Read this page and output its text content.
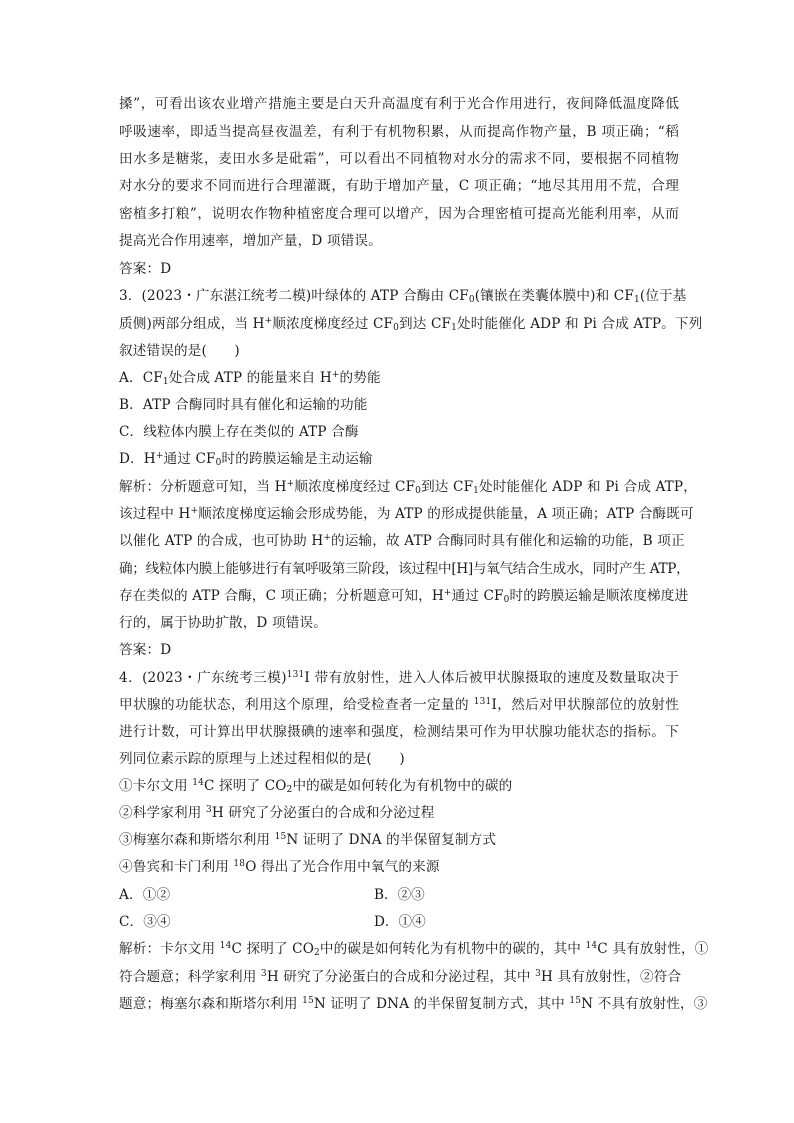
搡”，可看出该农业增产措施主要是白天升高温度有利于光合作用进行，夜间降低温度降低
呼吸速率，即适当提高昼夜温差，有利于有机物积累，从而提高作物产量，B 项正确；“稻
田水多是糖浆，麦田水多是砒霜”，可以看出不同植物对水分的需求不同，要根据不同植物
对水分的要求不同而进行合理灌溉，有助于增加产量，C 项正确；“地尽其用用不荒，合理
密植多打粮”，说明农作物种植密度合理可以增产，因为合理密植可提高光能利用率，从而
提高光合作用速率，增加产量，D 项错误。
答案：D
3．(2023・广东湛江统考二模)叶绿体的 ATP 合酶由 $CF_0$(镶嵌在类囊体膜中)和 $CF_1$(位于基
质侧)两部分组成，当 H+顺浓度梯度经过 $CF_0$到达 $CF_1$处时能催化 ADP 和 Pi 合成 ATP。下列
叙述错误的是(　　)
A．$CF_1$处合成 ATP 的能量来自 H+的势能
B．ATP 合酶同时具有催化和运输的功能
C．线粒体内膜上存在类似的 ATP 合酶
D．H+通过 $CF_0$时的跨膜运输是主动运输
解析：分析题意可知，当 H+顺浓度梯度经过 $CF_0$到达 $CF_1$处时能催化 ADP 和 Pi 合成 ATP，
该过程中 H+顺浓度梯度运输会形成势能，为 ATP 的形成提供能量，A 项正确；ATP 合酶既可
以催化 ATP 的合成，也可协助 H+的运输，故 ATP 合酶同时具有催化和运输的功能，B 项正
确；线粒体内膜上能够进行有氧呼吸第三阶段，该过程中[H]与氧气结合生成水，同时产生 ATP，
存在类似的 ATP 合酶，C 项正确；分析题意可知，H+通过 $CF_0$时的跨膜运输是顺浓度梯度进
行的，属于协助扩散，D 项错误。
答案：D
4．(2023・广东统考三模)$^{131}$I 带有放射性，进入人体后被甲状腺摄取的速度及数量取决于
甲状腺的功能状态，利用这个原理，给受检查者一定量的 $^{131}$I，然后对甲状腺部位的放射性
进行计数，可计算出甲状腺摄碘的速率和强度，检测结果可作为甲状腺功能状态的指标。下
列同位素示踪的原理与上述过程相似的是(　　)
①卡尔文用 $^{14}$C 探明了 $CO_2$中的碳是如何转化为有机物中的碳的
②科学家利用 $^3$H 研究了分泌蛋白的合成和分泌过程
③梅塞尔森和斯塔尔利用 $^{15}$N 证明了 DNA 的半保留复制方式
④鲁宾和卡门利用 $^{18}$O 得出了光合作用中氧气的来源
A．①②	B．②③
C．③④	D．①④
解析：卡尔文用 $^{14}$C 探明了 $CO_2$中的碳是如何转化为有机物中的碳的，其中 $^{14}$C 具有放射性，①
符合题意；科学家利用 $^3$H 研究了分泌蛋白的合成和分泌过程，其中 $^3$H 具有放射性，②符合
题意；梅塞尔森和斯塔尔利用 $^{15}$N 证明了 DNA 的半保留复制方式，其中 $^{15}$N 不具有放射性，③
